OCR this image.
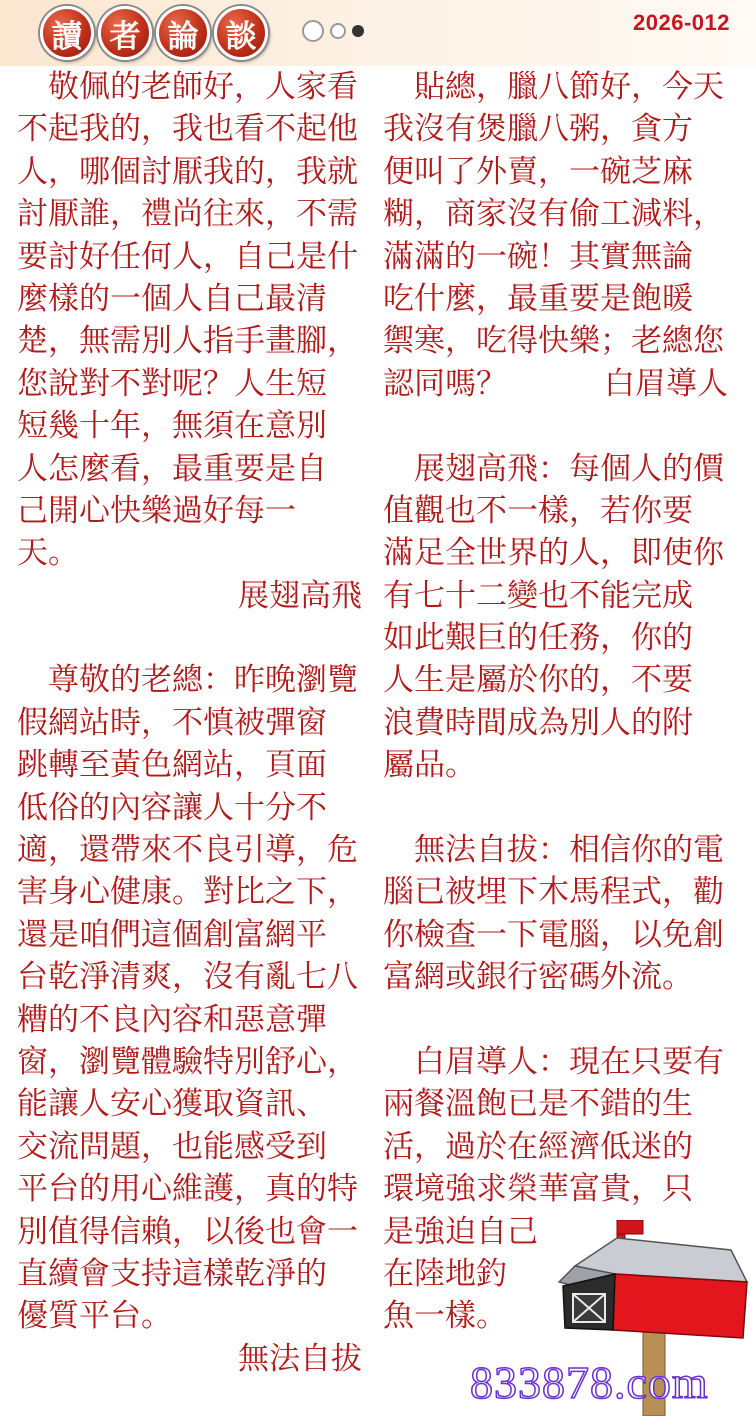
讀 者 論 談	2026-012
　敬佩的老師好，人家看
不起我的，我也看不起他
人，哪個討厭我的，我就
討厭誰，禮尚往來，不需
要討好任何人，自己是什
麼樣的一個人自己最清
楚，無需別人指手畫腳，
您說對不對呢？人生短
短幾十年，無須在意別
人怎麼看，最重要是自
己開心快樂過好每一
天。
展翅高飛
　尊敬的老總：昨晚瀏覽
假網站時，不慎被彈窗
跳轉至黃色網站，頁面
低俗的內容讓人十分不
適，還帶來不良引導，危
害身心健康。對比之下，
還是咱們這個創富網平
台乾淨清爽，沒有亂七八
糟的不良內容和惡意彈
窗，瀏覽體驗特別舒心，
能讓人安心獲取資訊、
交流問題，也能感受到
平台的用心維護，真的特
別值得信賴，以後也會一
直續會支持這樣乾淨的
優質平台。
無法自拔
　貼總，臘八節好，今天
我沒有煲臘八粥，貪方
便叫了外賣，一碗芝麻
糊，商家沒有偷工減料，
滿滿的一碗！其實無論
吃什麼，最重要是飽暖
禦寒，吃得快樂；老總您
認同嗎？	白眉導人
　展翅高飛：每個人的價
值觀也不一樣，若你要
滿足全世界的人，即使你
有七十二變也不能完成
如此艱巨的任務，你的
人生是屬於你的，不要
浪費時間成為別人的附
屬品。
　無法自拔：相信你的電
腦已被埋下木馬程式，勸
你檢查一下電腦，以免創
富網或銀行密碼外流。
　白眉導人：現在只要有
兩餐溫飽已是不錯的生
活，過於在經濟低迷的
環境強求榮華富貴，只
是強迫自己
在陸地釣
魚一樣。
833878.com
